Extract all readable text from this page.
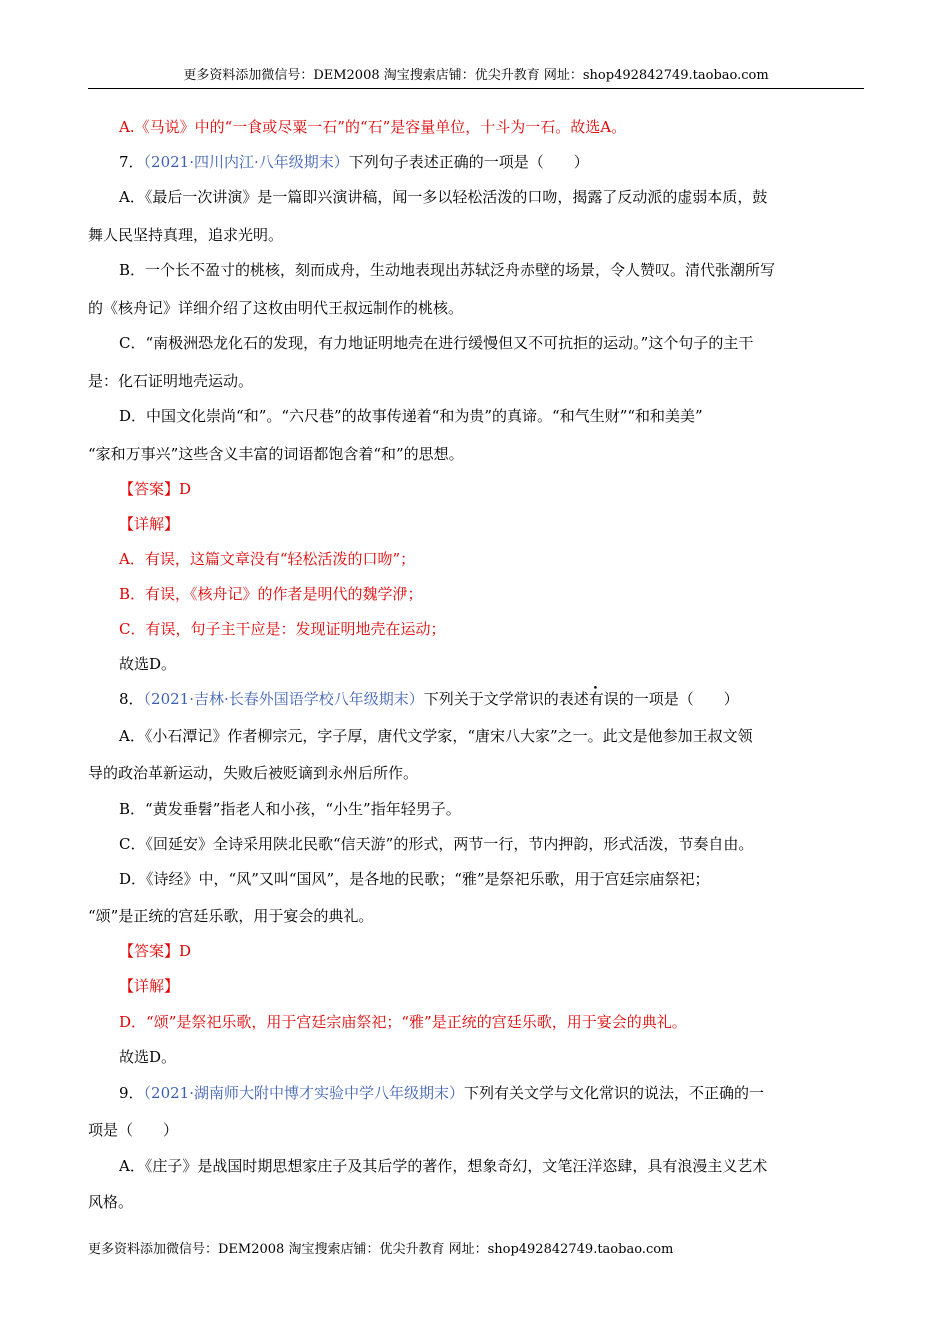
更多资料添加微信号：DEM2008 淘宝搜索店铺：优尖升教育 网址：shop492842749.taobao.com
A.《马说》中的“一食或尽粟一石”的“石”是容量单位，十斗为一石。故选A。
7．（2021·四川内江·八年级期末）下列句子表述正确的一项是（　　）
A．《最后一次讲演》是一篇即兴演讲稿，闻一多以轻松活泼的口吻，揭露了反动派的虚弱本质，鼓
舞人民坚持真理，追求光明。
B．一个长不盈寸的桃核，刻而成舟，生动地表现出苏轼泛舟赤壁的场景，令人赞叹。清代张潮所写
的《核舟记》详细介绍了这枚由明代王叔远制作的桃核。
C．“南极洲恐龙化石的发现，有力地证明地壳在进行缓慢但又不可抗拒的运动。”这个句子的主干
是：化石证明地壳运动。
D．中国文化崇尚“和”。“六尺巷”的故事传递着“和为贵”的真谛。“和气生财”“和和美美”
“家和万事兴”这些含义丰富的词语都饱含着“和”的思想。
【答案】D
【详解】
A．有误，这篇文章没有“轻松活泼的口吻”；
B．有误，《核舟记》的作者是明代的魏学洢；
C．有误，句子主干应是：发现证明地壳在运动；
故选D。
8．（2021·吉林·长春外国语学校八年级期末）下列关于文学常识的表述有误的一项是（　　）
A．《小石潭记》作者柳宗元，字子厚，唐代文学家，“唐宋八大家”之一。此文是他参加王叔文领
导的政治革新运动，失败后被贬谪到永州后所作。
B．“黄发垂髫”指老人和小孩，“小生”指年轻男子。
C．《回延安》全诗采用陕北民歌“信天游”的形式，两节一行，节内押韵，形式活泼，节奏自由。
D．《诗经》中，“风”又叫“国风”，是各地的民歌；“雅”是祭祀乐歌，用于宫廷宗庙祭祀；
“颂”是正统的宫廷乐歌，用于宴会的典礼。
【答案】D
【详解】
D．“颂”是祭祀乐歌，用于宫廷宗庙祭祀；“雅”是正统的宫廷乐歌，用于宴会的典礼。
故选D。
9．（2021·湖南师大附中博才实验中学八年级期末）下列有关文学与文化常识的说法，不正确的一
项是（　　）
A．《庄子》是战国时期思想家庄子及其后学的著作，想象奇幻，文笔汪洋恣肆，具有浪漫主义艺术
风格。
更多资料添加微信号：DEM2008 淘宝搜索店铺：优尖升教育 网址：shop492842749.taobao.com
